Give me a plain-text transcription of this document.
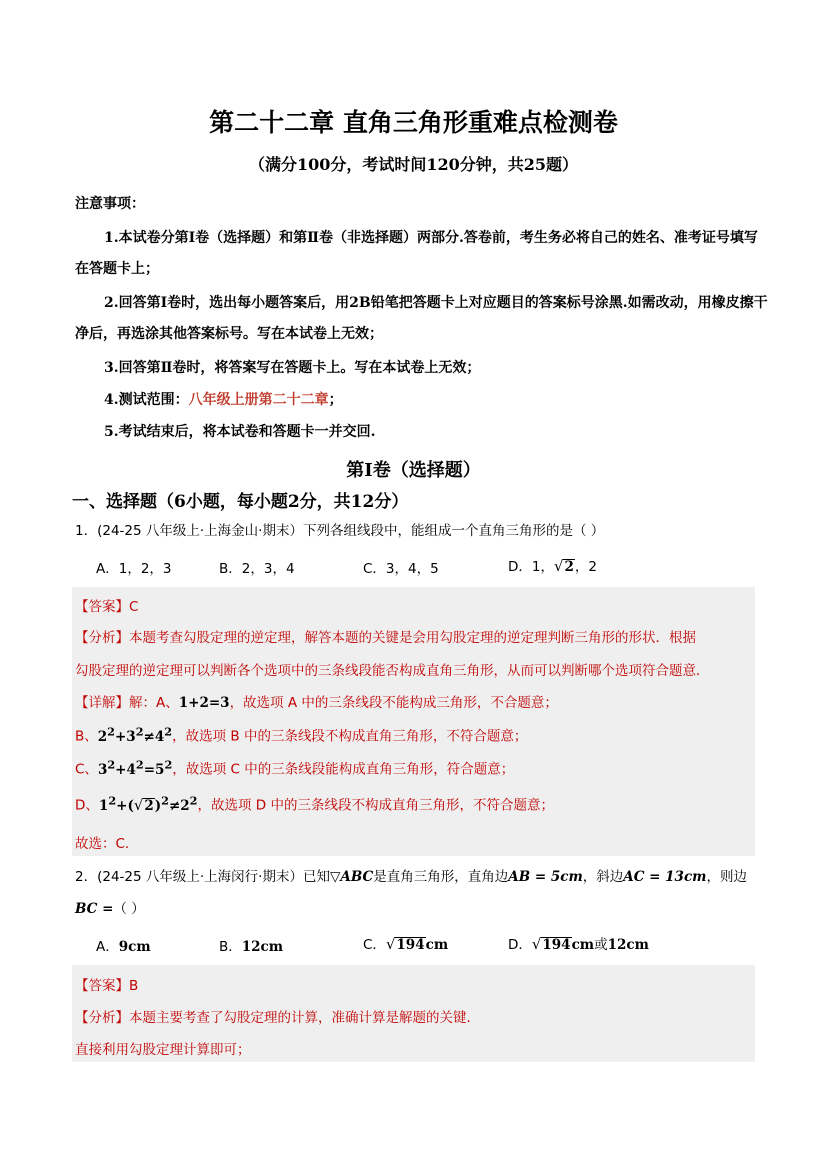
第二十二章 直角三角形重难点检测卷
（满分100分，考试时间120分钟，共25题）
注意事项：
1.本试卷分第Ⅰ卷（选择题）和第Ⅱ卷（非选择题）两部分.答卷前，考生务必将自己的姓名、准考证号填写
在答题卡上；
2.回答第Ⅰ卷时，选出每小题答案后，用2B铅笔把答题卡上对应题目的答案标号涂黑.如需改动，用橡皮擦干
净后，再选涂其他答案标号。写在本试卷上无效；
3.回答第Ⅱ卷时，将答案写在答题卡上。写在本试卷上无效；
4.测试范围：八年级上册第二十二章；
5.考试结束后，将本试卷和答题卡一并交回.
第Ⅰ卷（选择题）
一、选择题（6小题，每小题2分，共12分）
1．(24-25 八年级上·上海金山·期末）下列各组线段中，能组成一个直角三角形的是（ ）
A．1，2，3	B．2，3，4	C．3，4，5	D．1，√2，2
【答案】C
【分析】本题考查勾股定理的逆定理，解答本题的关键是会用勾股定理的逆定理判断三角形的形状．根据
勾股定理的逆定理可以判断各个选项中的三条线段能否构成直角三角形，从而可以判断哪个选项符合题意．
【详解】解：A、1+2=3，故选项 A 中的三条线段不能构成三角形，不合题意；
B、$2^2+3^2\ne 4^2$，故选项 B 中的三条线段不构成直角三角形，不符合题意；
C、$3^2+4^2=5^2$，故选项 C 中的三条线段能构成直角三角形，符合题意；
D、$1^2+(√2)^2\ne 2^2$，故选项 D 中的三条线段不构成直角三角形，不符合题意；
故选：C.
2．(24-25 八年级上·上海闵行·期末）已知▽ABC是直角三角形，直角边AB = 5cm，斜边AC = 13cm，则边
BC =（ ）
A．9cm	B．12cm	C．√194cm	D．√194cm或12cm
【答案】B
【分析】本题主要考查了勾股定理的计算，准确计算是解题的关键．
直接利用勾股定理计算即可；
